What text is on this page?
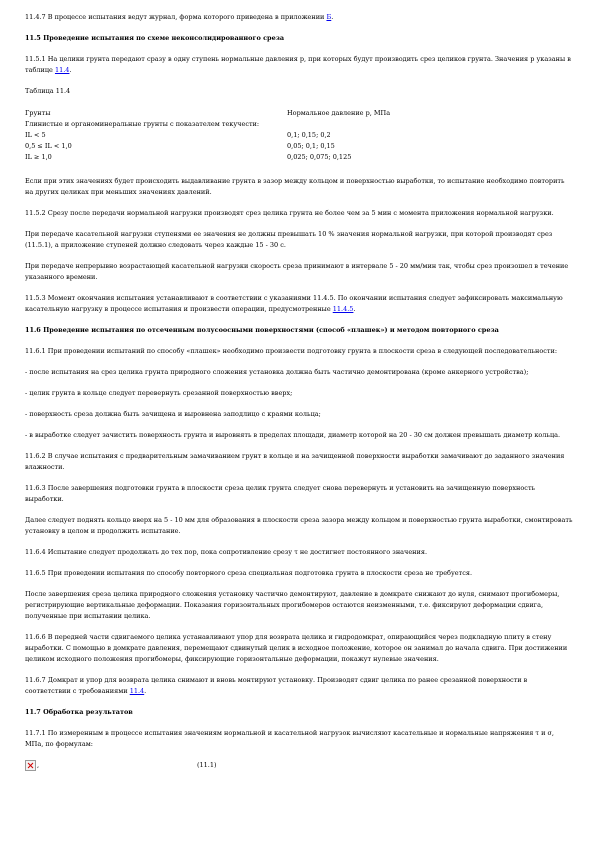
11.4.7 В процессе испытания ведут журнал, форма которого приведена в приложении Б.

11.5 Проведение испытания по схеме неконсолидированного среза

11.5.1 На целики грунта передают сразу в одну ступень нормальные давления p, при которых будут производить срез целиков грунта. Значения p указаны в таблице 11.4.

Таблица 11.4

Грунты	Нормальное давление p, МПа
Глинистые и органоминеральные грунты с показателем текучести:	
IL < 5	0,1; 0,15; 0,2
0,5 ≤ IL < 1,0	0,05; 0,1; 0,15
IL ≥ 1,0	0,025; 0,075; 0,125

Если при этих значениях будет происходить выдавливание грунта в зазор между кольцом и поверхностью выработки, то испытание необходимо повторить на других целиках при меньших значениях давлений.

11.5.2 Срезу после передачи нормальной нагрузки производят срез целика грунта не более чем за 5 мин с момента приложения нормальной нагрузки.

При передаче касательной нагрузки ступенями ее значения не должны превышать 10 % значения нормальной нагрузки, при которой производят срез (11.5.1), а приложение ступеней должно следовать через каждые 15 - 30 с.

При передаче непрерывно возрастающей касательной нагрузки скорость среза принимают в интервале 5 - 20 мм/мин так, чтобы срез произошел в течение указанного времени.

11.5.3 Момент окончания испытания устанавливают в соответствии с указаниями 11.4.5. По окончании испытания следует зафиксировать максимальную касательную нагрузку в процессе испытания и произвести операции, предусмотренные 11.4.5.

11.6 Проведение испытания по отсеченным полусоосными поверхностями (способ «плашек») и методом повторного среза

11.6.1 При проведении испытаний по способу «плашек» необходимо произвести подготовку грунта в плоскости среза в следующей последовательности:

- после испытания на срез целика грунта природного сложения установка должна быть частично демонтирована (кроме анкерного устройства);

- целик грунта в кольце следует перевернуть срезанной поверхностью вверх;

- поверхность среза должна быть зачищена и выровнена заподлицо с краями кольца;

- в выработке следует зачистить поверхность грунта и выровнять в пределах площади, диаметр которой на 20 - 30 см должен превышать диаметр кольца.

11.6.2 В случае испытания с предварительным замачиванием грунт в кольце и на зачищенной поверхности выработки замачивают до заданного значения влажности.

11.6.3 После завершения подготовки грунта в плоскости среза целик грунта следует снова перевернуть и установить на зачищенную поверхность выработки.

Далее следует поднять кольцо вверх на 5 - 10 мм для образования в плоскости среза зазора между кольцом и поверхностью грунта выработки, смонтировать установку в целом и продолжить испытание.

11.6.4 Испытание следует продолжать до тех пор, пока сопротивление срезу τ не достигнет постоянного значения.

11.6.5 При проведении испытания по способу повторного среза специальная подготовка грунта в плоскости среза не требуется.

После завершения среза целика природного сложения установку частично демонтируют, давление в домкрате снижают до нуля, снимают прогибомеры, регистрирующие вертикальные деформации. Показания горизонтальных прогибомеров остаются неизменными, т.е. фиксируют деформации сдвига, полученные при испытании целика.

11.6.6 В передней части сдвигаемого целика устанавливают упор для возврата целика и гидродомкрат, опирающийся через подкладную плиту в стену выработки. С помощью в домкрате давления, перемещают сдвинутый целик в исходное положение, которое он занимал до начала сдвига. При достижении целиком исходного положения прогибомеры, фиксирующие горизонтальные деформации, покажут нулевые значения.

11.6.7 Домкрат и упор для возврата целика снимают и вновь монтируют установку. Производят сдвиг целика по ранее срезанной поверхности в соответствии с требованиями 11.4.

11.7 Обработка результатов

11.7.1 По измеренным в процессе испытания значениям нормальной и касательной нагрузок вычисляют касательные и нормальные напряжения τ и σ, МПа, по формулам:

,	(11.1)
